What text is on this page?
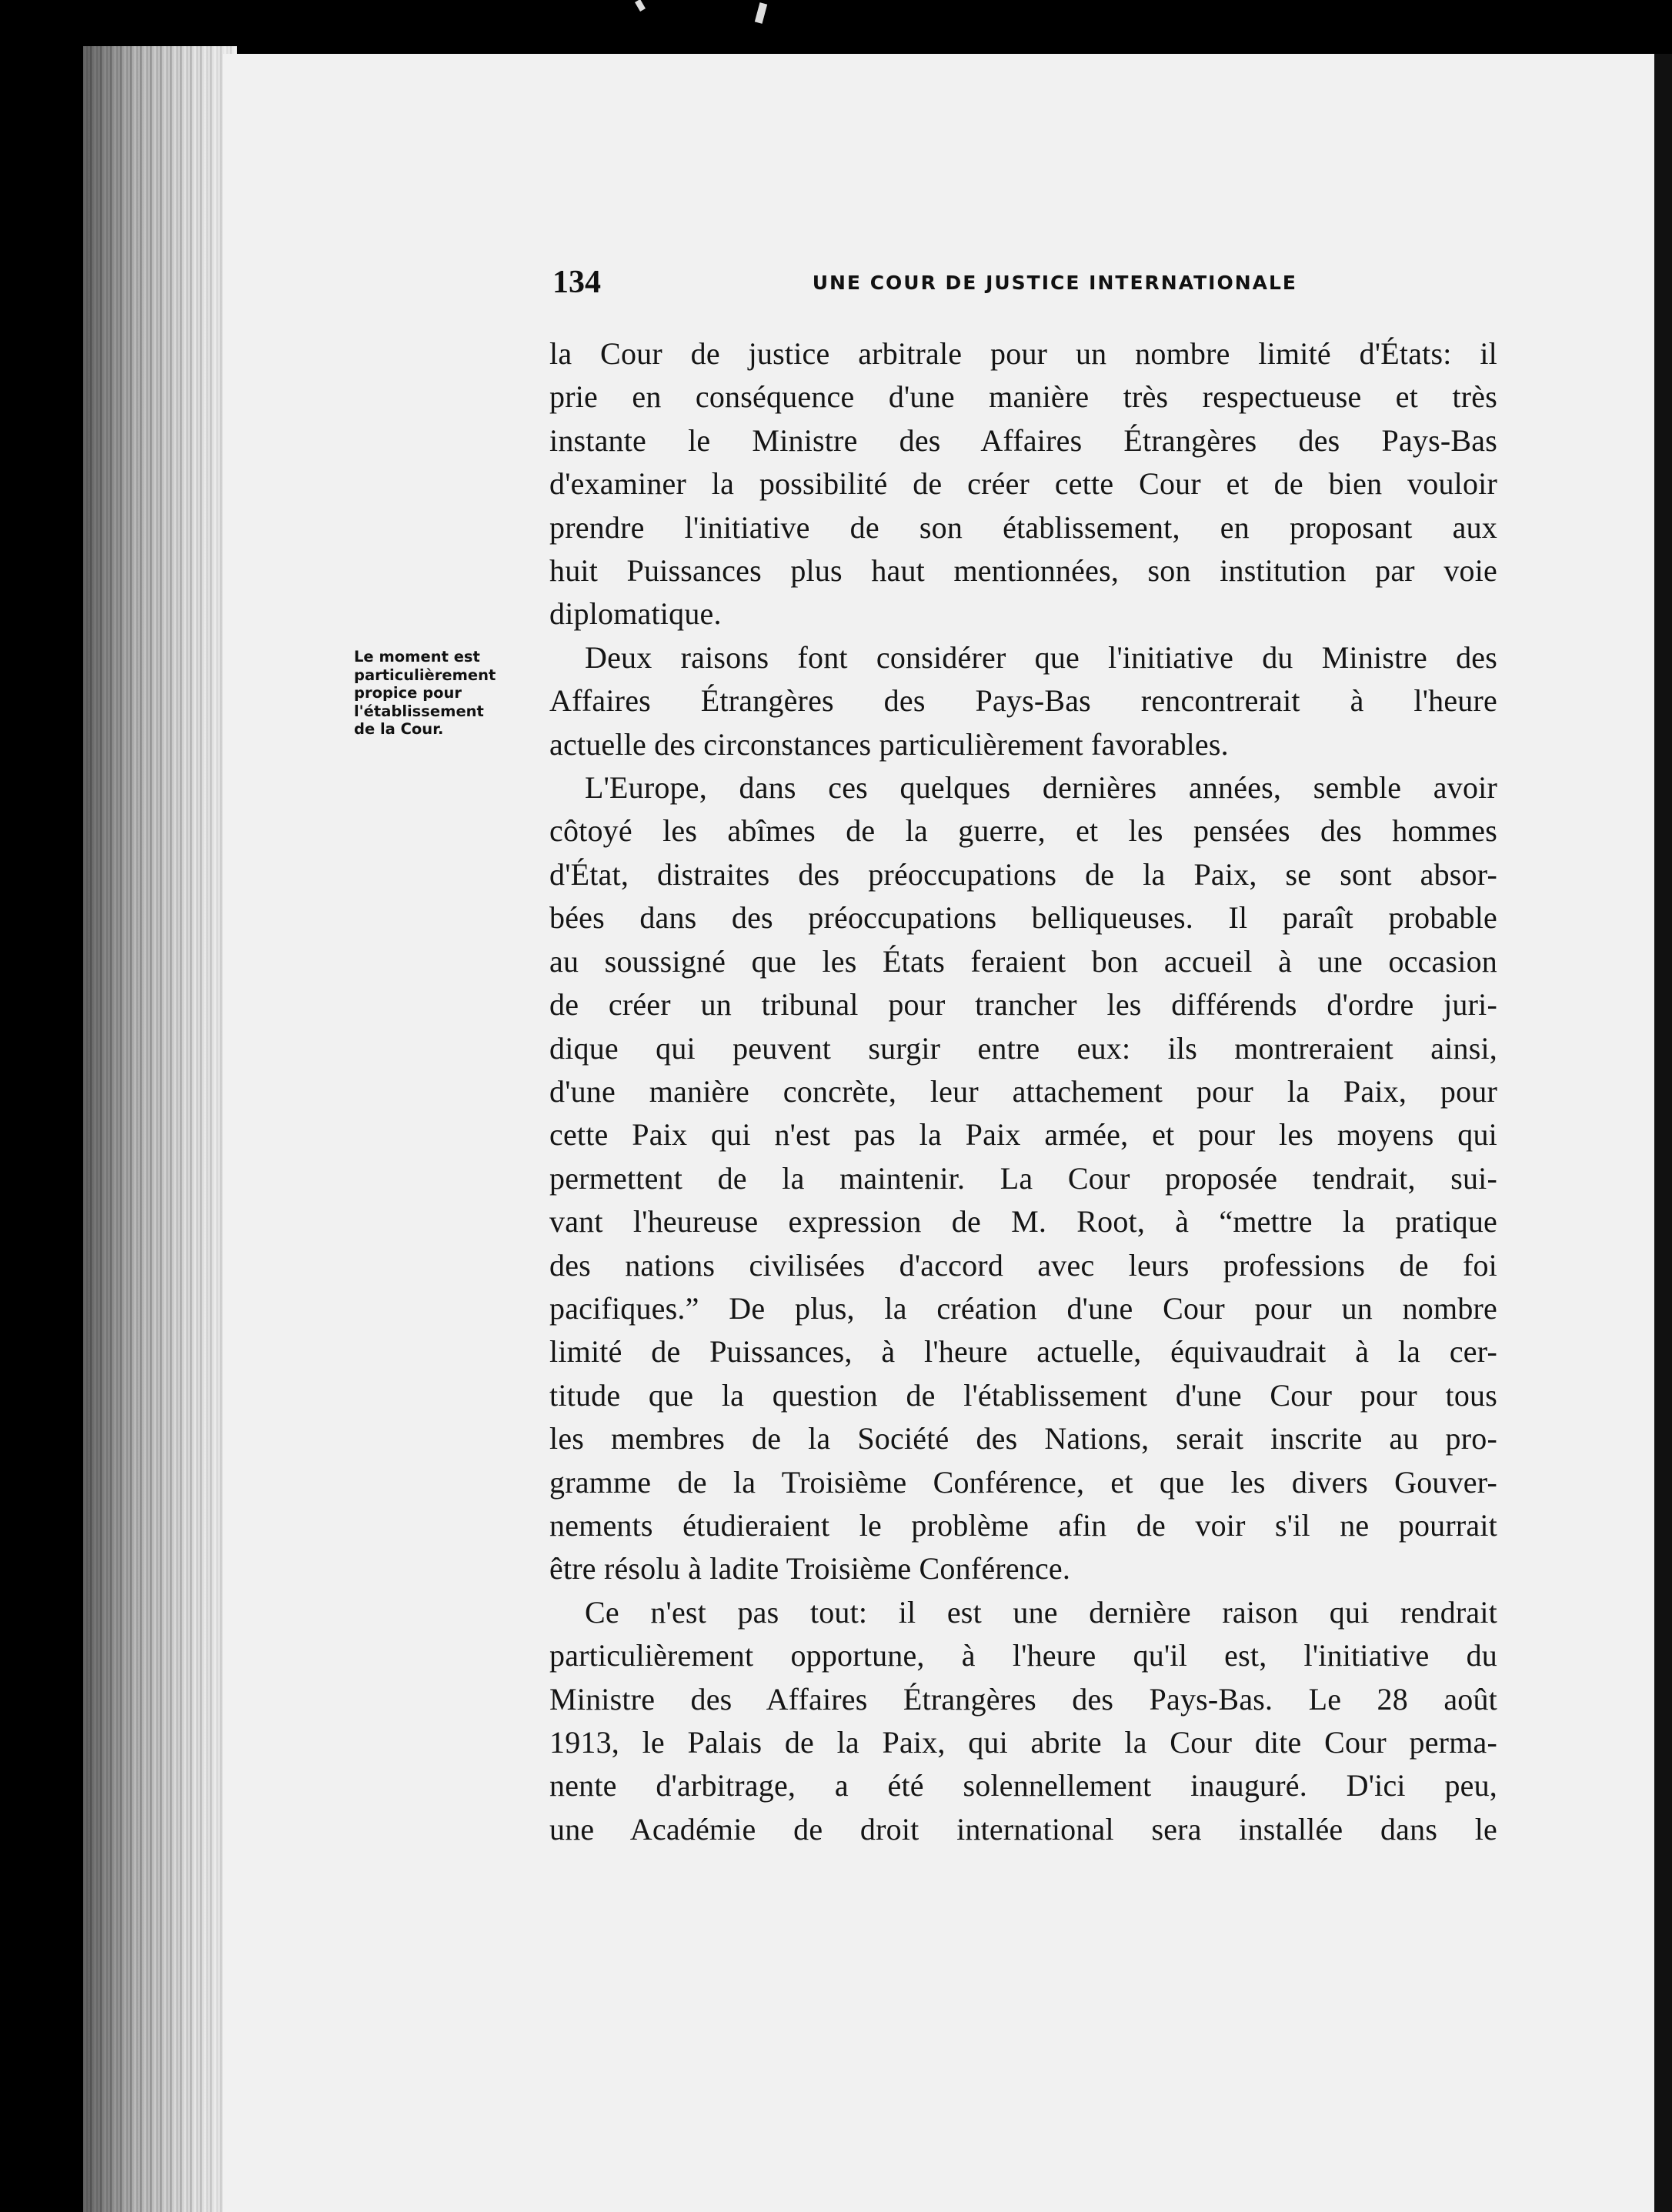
134	UNE COUR DE JUSTICE INTERNATIONALE
Le moment est
particulièrement
propice pour
l'établissement
de la Cour.
la Cour de justice arbitrale pour un nombre limité d'États: il
prie en conséquence d'une manière très respectueuse et très
instante le Ministre des Affaires Étrangères des Pays-Bas
d'examiner la possibilité de créer cette Cour et de bien vouloir
prendre l'initiative de son établissement, en proposant aux
huit Puissances plus haut mentionnées, son institution par voie
diplomatique.
Deux raisons font considérer que l'initiative du Ministre des
Affaires Étrangères des Pays-Bas rencontrerait à l'heure
actuelle des circonstances particulièrement favorables.
L'Europe, dans ces quelques dernières années, semble avoir
côtoyé les abîmes de la guerre, et les pensées des hommes
d'État, distraites des préoccupations de la Paix, se sont absor-
bées dans des préoccupations belliqueuses. Il paraît probable
au soussigné que les États feraient bon accueil à une occasion
de créer un tribunal pour trancher les différends d'ordre juri-
dique qui peuvent surgir entre eux: ils montreraient ainsi,
d'une manière concrète, leur attachement pour la Paix, pour
cette Paix qui n'est pas la Paix armée, et pour les moyens qui
permettent de la maintenir. La Cour proposée tendrait, sui-
vant l'heureuse expression de M. Root, à “mettre la pratique
des nations civilisées d'accord avec leurs professions de foi
pacifiques.” De plus, la création d'une Cour pour un nombre
limité de Puissances, à l'heure actuelle, équivaudrait à la cer-
titude que la question de l'établissement d'une Cour pour tous
les membres de la Société des Nations, serait inscrite au pro-
gramme de la Troisième Conférence, et que les divers Gouver-
nements étudieraient le problème afin de voir s'il ne pourrait
être résolu à ladite Troisième Conférence.
Ce n'est pas tout: il est une dernière raison qui rendrait
particulièrement opportune, à l'heure qu'il est, l'initiative du
Ministre des Affaires Étrangères des Pays-Bas. Le 28 août
1913, le Palais de la Paix, qui abrite la Cour dite Cour perma-
nente d'arbitrage, a été solennellement inauguré. D'ici peu,
une Académie de droit international sera installée dans le
